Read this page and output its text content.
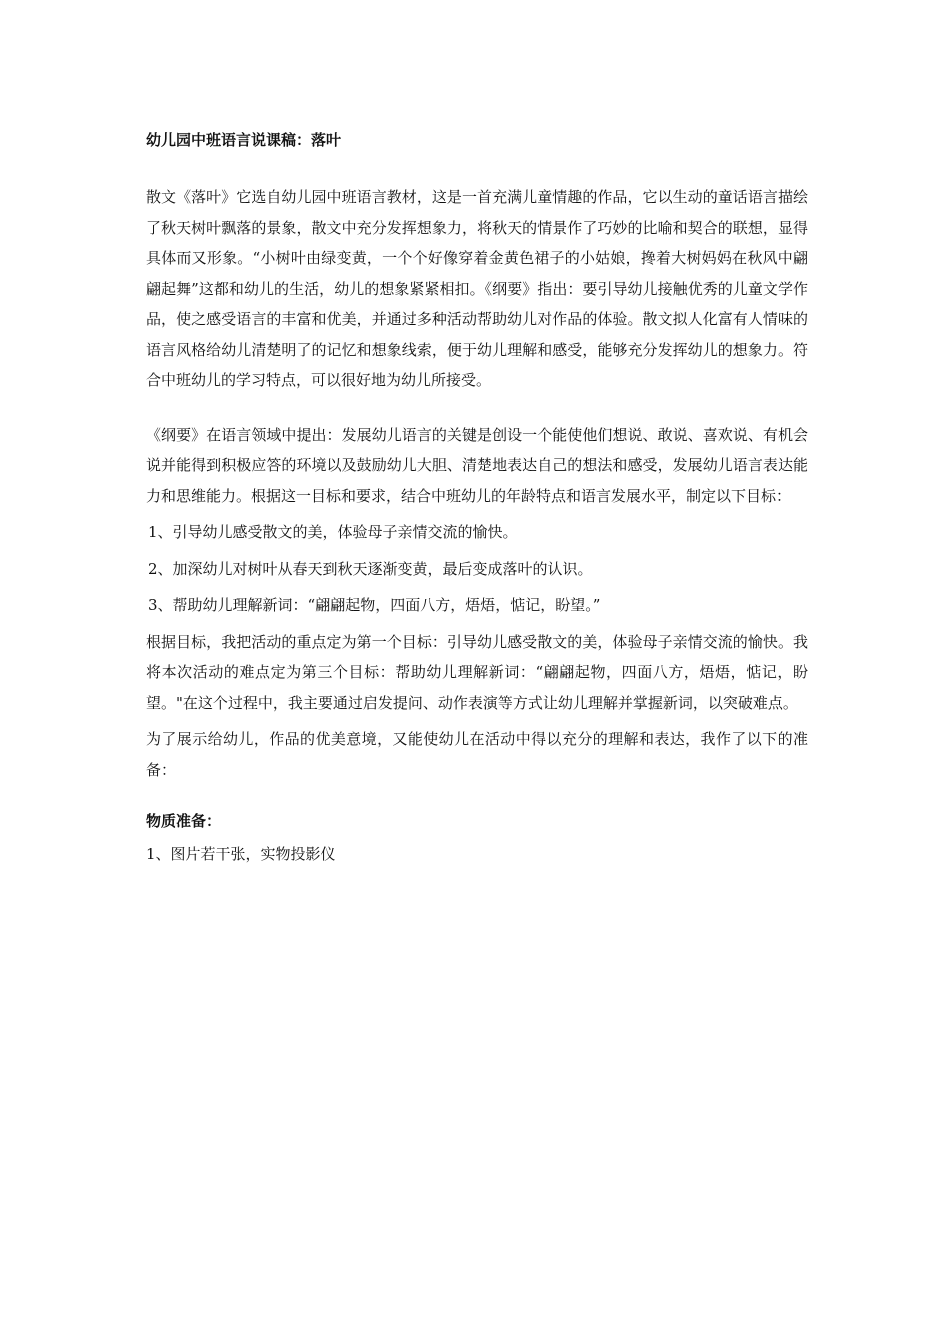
幼儿园中班语言说课稿：落叶

散文《落叶》它选自幼儿园中班语言教材，这是一首充满儿童情趣的作品，它以生动的童话语言描绘了秋天树叶飘落的景象，散文中充分发挥想象力，将秋天的情景作了巧妙的比喻和契合的联想，显得具体而又形象。“小树叶由绿变黄，一个个好像穿着金黄色裙子的小姑娘，搀着大树妈妈在秋风中翩翩起舞”这都和幼儿的生活，幼儿的想象紧紧相扣。《纲要》指出：要引导幼儿接触优秀的儿童文学作品，使之感受语言的丰富和优美，并通过多种活动帮助幼儿对作品的体验。散文拟人化富有人情味的语言风格给幼儿清楚明了的记忆和想象线索，便于幼儿理解和感受，能够充分发挥幼儿的想象力。符合中班幼儿的学习特点，可以很好地为幼儿所接受。

《纲要》在语言领域中提出：发展幼儿语言的关键是创设一个能使他们想说、敢说、喜欢说、有机会说并能得到积极应答的环境以及鼓励幼儿大胆、清楚地表达自己的想法和感受，发展幼儿语言表达能力和思维能力。根据这一目标和要求，结合中班幼儿的年龄特点和语言发展水平，制定以下目标：

1、引导幼儿感受散文的美，体验母子亲情交流的愉快。

2、加深幼儿对树叶从春天到秋天逐渐变黄，最后变成落叶的认识。

3、帮助幼儿理解新词：“翩翩起物，四面八方，焐焐，惦记，盼望。”

根据目标，我把活动的重点定为第一个目标：引导幼儿感受散文的美，体验母子亲情交流的愉快。我将本次活动的难点定为第三个目标：帮助幼儿理解新词：“翩翩起物，四面八方，焐焐，惦记，盼望。"在这个过程中，我主要通过启发提问、动作表演等方式让幼儿理解并掌握新词，以突破难点。

为了展示给幼儿，作品的优美意境，又能使幼儿在活动中得以充分的理解和表达，我作了以下的准备：

物质准备：

1、图片若干张，实物投影仪
